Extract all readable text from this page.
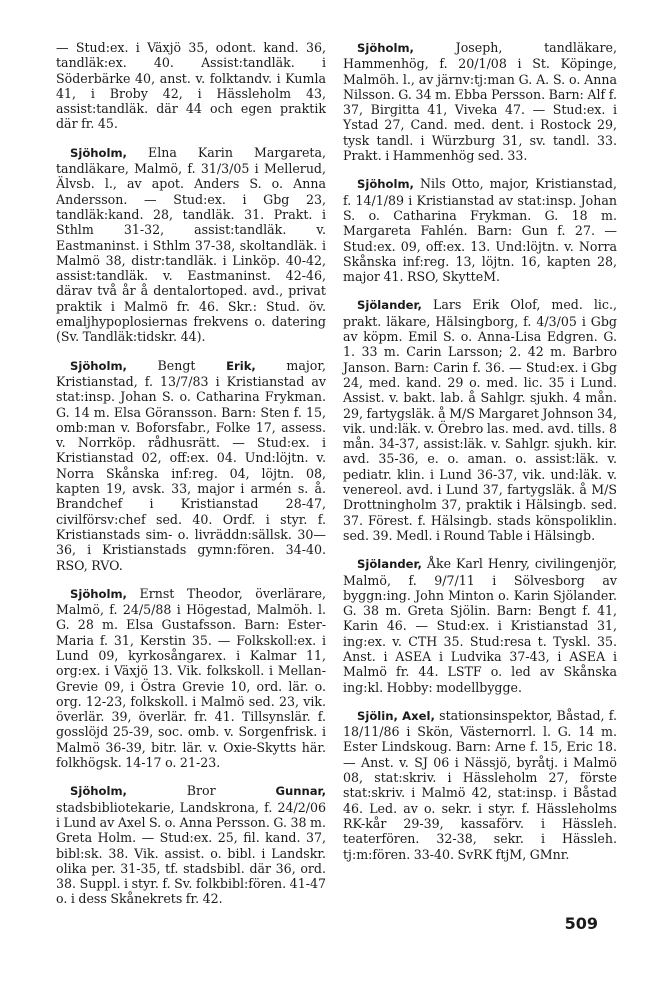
— Stud:ex. i Växjö 35, odont. kand. 36, tandläk:ex. 40. Assist:tandläk. i Söderbärke 40, anst. v. folktandv. i Kumla 41, i Broby 42, i Hässleholm 43, assist:tandläk. där 44 och egen praktik där fr. 45.

Sjöholm, Elna Karin Margareta, tandläkare, Malmö, f. 31/3/05 i Mellerud, Älvsb. l., av apot. Anders S. o. Anna Andersson. — Stud:ex. i Gbg 23, tandläk:kand. 28, tandläk. 31. Prakt. i Sthlm 31-32, assist:tandläk. v. Eastmaninst. i Sthlm 37-38, skoltandläk. i Malmö 38, distr:tandläk. i Linköp. 40-42, assist:tandläk. v. Eastmaninst. 42-46, därav två år å dentalortoped. avd., privat praktik i Malmö fr. 46. Skr.: Stud. öv. emaljhypoplosiernas frekvens o. datering (Sv. Tandläk:tidskr. 44).

Sjöholm, Bengt	Erik, major, Kristianstad, f. 13/7/83 i Kristianstad av stat:insp. Johan S. o. Catharina Frykman. G. 14 m. Elsa Göransson. Barn: Sten f. 15, omb:man v. Boforsfabr., Folke 17, assess. v. Norrköp. rådhusrätt. — Stud:ex. i Kristianstad 02, off:ex. 04. Und:löjtn. v. Norra Skånska inf:reg. 04, löjtn. 08, kapten 19, avsk. 33, major i armén s. å. Brandchef i Kristianstad 28-47, civilförsv:chef sed. 40. Ordf. i styr. f. Kristianstads sim- o. livräddn:sällsk. 30—36, i Kristianstads gymn:fören. 34-40. RSO, RVO.

Sjöholm, Ernst Theodor, överlärare, Malmö, f. 24/5/88 i Högestad, Malmöh. l. G. 28 m. Elsa Gustafsson. Barn: Ester-Maria f. 31, Kerstin 35. — Folkskoll:ex. i Lund 09, kyrkosångarex. i Kalmar 11, org:ex. i Växjö 13. Vik. folkskoll. i Mellan-Grevie 09, i Östra Grevie 10, ord. lär. o. org. 12-23, folkskoll. i Malmö sed. 23, vik. överlär. 39, överlär. fr. 41. Tillsynslär. f. gosslöjd 25-39, soc. omb. v. Sorgenfrisk. i Malmö 36-39, bitr. lär. v. Oxie-Skytts här. folkhögsk. 14-17 o. 21-23.

Sjöholm,	Bror	Gunnar, stadsbibliotekarie, Landskrona, f. 24/2/06 i Lund av Axel S. o. Anna Persson. G. 38 m. Greta Holm. — Stud:ex. 25, fil. kand. 37, bibl:sk. 38. Vik. assist. o. bibl. i Landskr. olika per. 31-35, tf. stadsbibl. där 36, ord. 38. Suppl. i styr. f. Sv. folkbibl:fören. 41-47 o. i dess Skånekrets fr. 42.

Sjöholm,	Joseph, tandläkare, Hammenhög, f. 20/1/08 i St. Köpinge, Malmöh. l., av järnv:tj:man G. A. S. o. Anna Nilsson. G. 34 m. Ebba Persson. Barn: Alf f. 37, Birgitta 41, Viveka 47. — Stud:ex. i Ystad 27, Cand. med. dent. i Rostock 29, tysk tandl. i Würzburg 31, sv. tandl. 33. Prakt. i Hammenhög sed. 33.

Sjöholm, Nils Otto, major, Kristianstad, f. 14/1/89 i Kristianstad av stat:insp. Johan S. o. Catharina Frykman. G. 18 m. Margareta Fahlén. Barn: Gun f. 27. — Stud:ex. 09, off:ex. 13. Und:löjtn. v. Norra Skånska inf:reg. 13, löjtn. 16, kapten 28, major 41. RSO, SkytteM.

Sjölander, Lars Erik Olof, med. lic., prakt. läkare, Hälsingborg, f. 4/3/05 i Gbg av köpm. Emil S. o. Anna-Lisa Edgren. G. 1. 33 m. Carin Larsson; 2. 42 m. Barbro Janson. Barn: Carin f. 36. — Stud:ex. i Gbg 24, med. kand. 29 o. med. lic. 35 i Lund. Assist. v. bakt. lab. å Sahlgr. sjukh. 4 mån. 29, fartygsläk. å M/S Margaret Johnson 34, vik. und:läk. v. Örebro las. med. avd. tills. 8 mån. 34-37, assist:läk. v. Sahlgr. sjukh. kir. avd. 35-36, e. o. aman. o. assist:läk. v. pediatr. klin. i Lund 36-37, vik. und:läk. v. venereol. avd. i Lund 37, fartygsläk. å M/S Drottningholm 37, praktik i Hälsingb. sed. 37. Förest. f. Hälsingb. stads könspoliklin. sed. 39. Medl. i Round Table i Hälsingb.

Sjölander, Åke Karl Henry, civilingenjör, Malmö, f. 9/7/11 i Sölvesborg av byggn:ing. John Minton o. Karin Sjölander. G. 38 m. Greta Sjölin. Barn: Bengt f. 41, Karin 46. — Stud:ex. i Kristianstad 31, ing:ex. v. CTH 35. Stud:resa t. Tyskl. 35. Anst. i ASEA i Ludvika 37-43, i ASEA i Malmö fr. 44. LSTF o. led av Skånska ing:kl. Hobby: modellbygge.

Sjölin, Axel, stationsinspektor, Båstad, f. 18/11/86 i Skön, Västernorrl. l. G. 14 m. Ester Lindskoug. Barn: Arne f. 15, Eric 18. — Anst. v. SJ 06 i Nässjö, byråtj. i Malmö 08, stat:skriv. i Hässleholm 27, förste stat:skriv. i Malmö 42, stat:insp. i Båstad 46. Led. av o. sekr. i styr. f. Hässleholms RK-kår 29-39, kassaförv. i Hässleh. teaterfören. 32-38, sekr. i Hässleh. tj:m:fören. 33-40. SvRK ftjM, GMnr.

509
